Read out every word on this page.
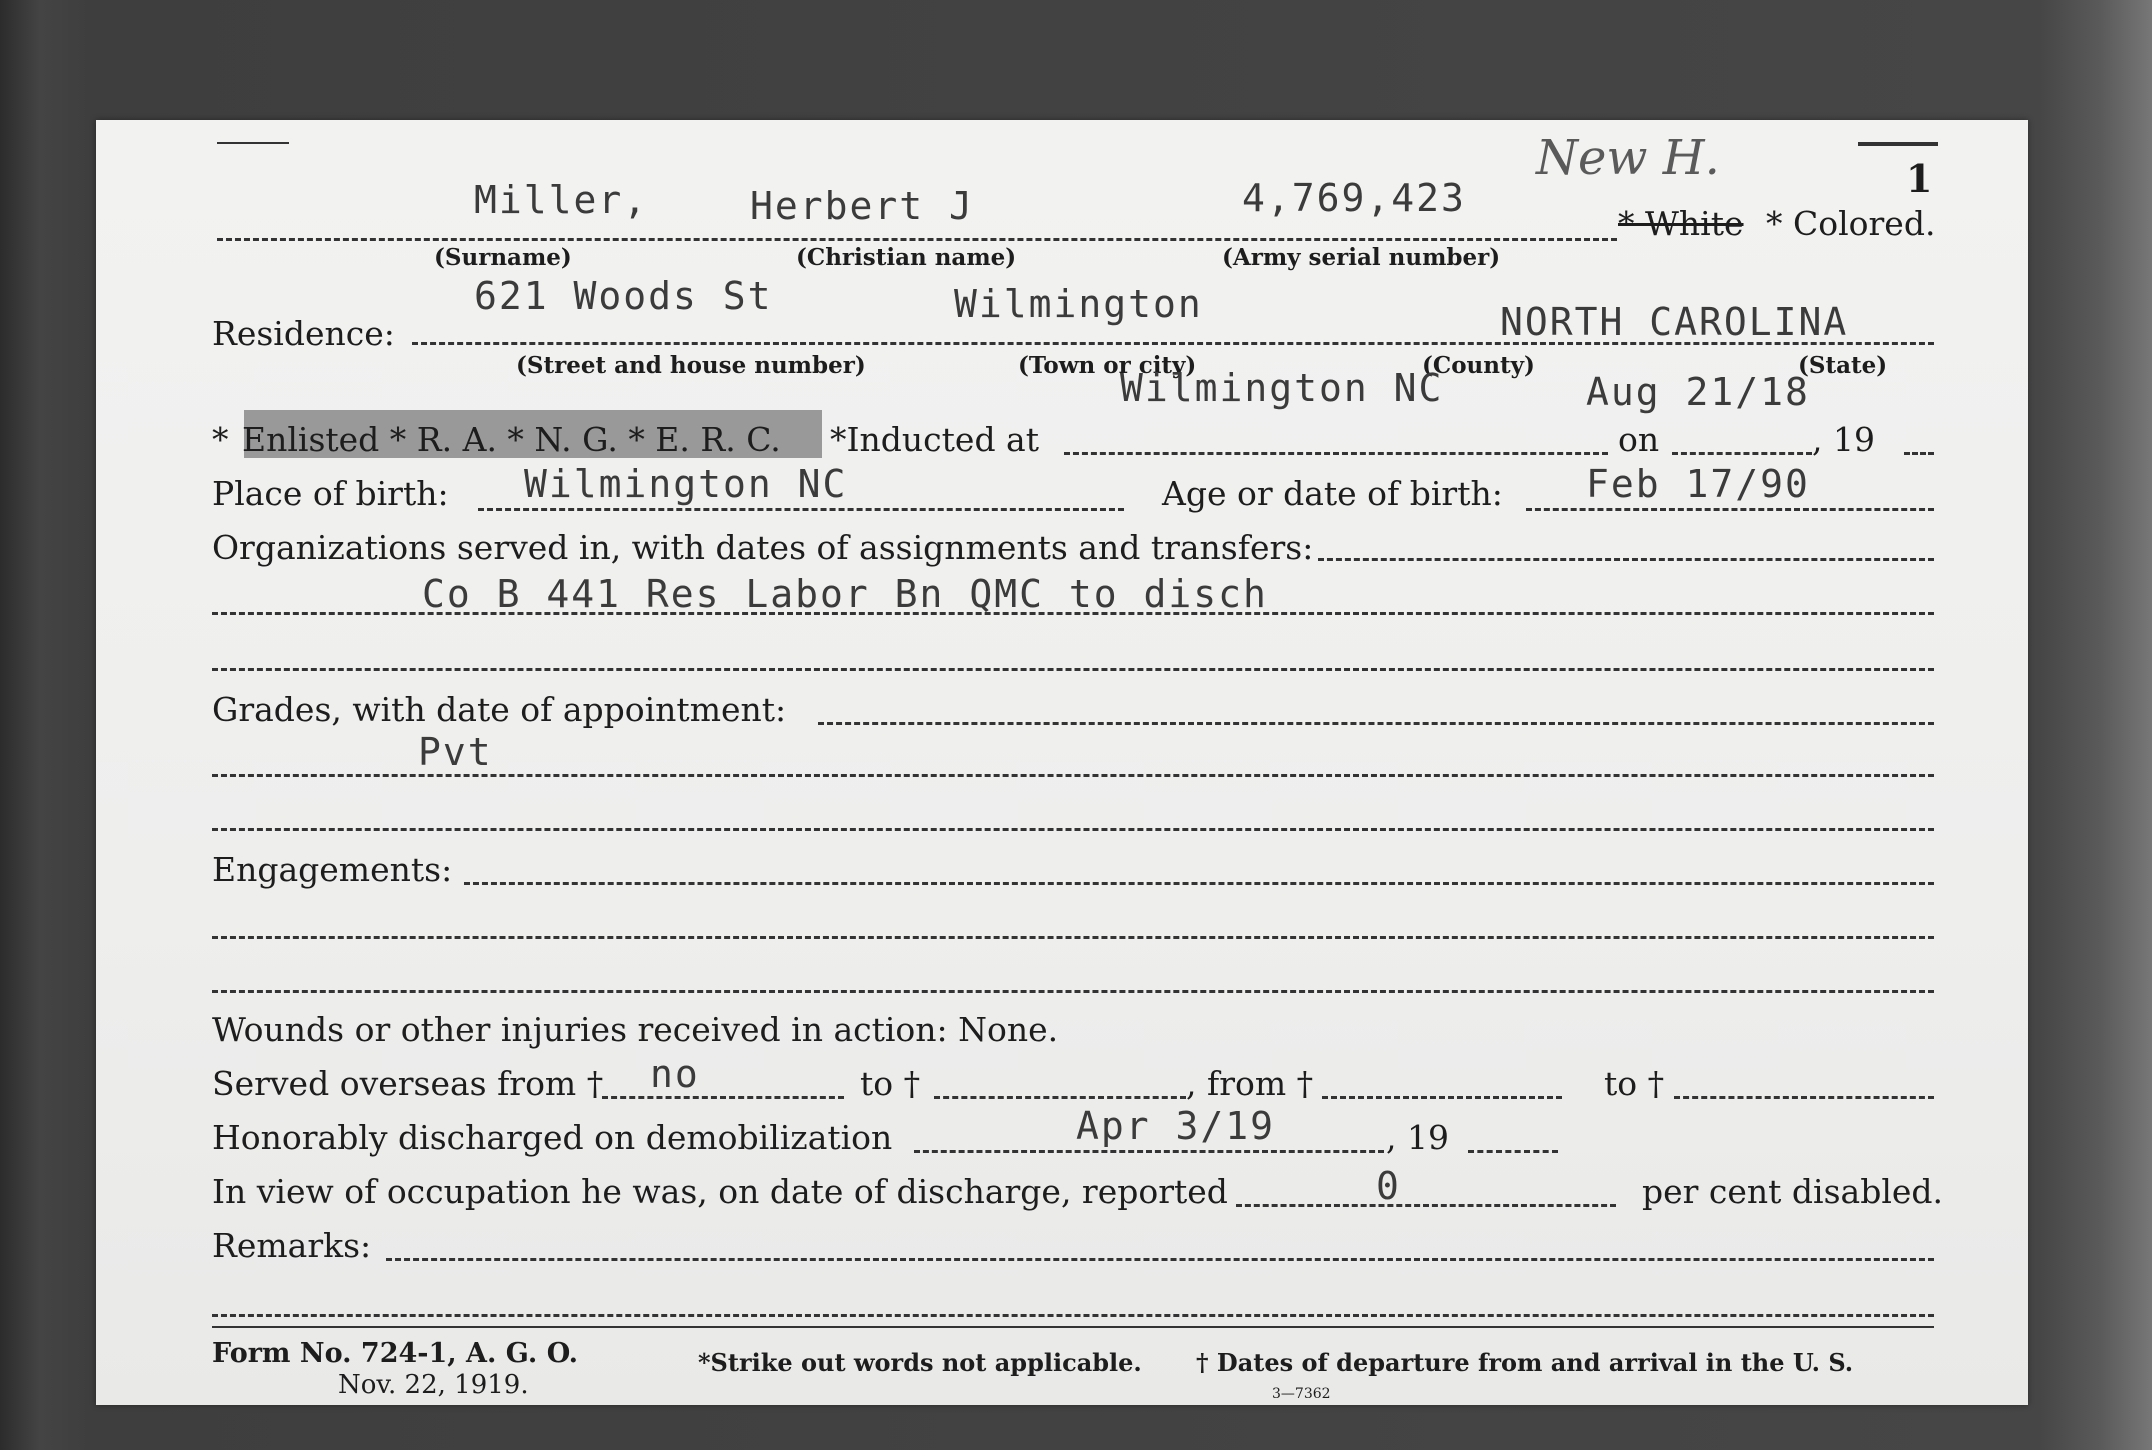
1
New H.
Miller,	Herbert J	4,769,423
* White * Colored.
(Surname)	(Christian name)	(Army serial number)
621 Woods St	Wilmington	NORTH CAROLINA
Residence:
(Street and house number)	(Town or city)	(County)	(State)
Wilmington NC	Aug 21/18
* Enlisted * R. A. * N. G. * E. R. C. *Inducted at	on	, 19
Wilmington NC	Feb 17/90
Place of birth:	Age or date of birth:
Organizations served in, with dates of assignments and transfers:
Co B 441 Res Labor Bn QMC to disch
Grades, with date of appointment:
Pvt
Engagements:
Wounds or other injuries received in action: None.
Served overseas from † no	to †	, from †	to †
Honorably discharged on demobilization	Apr 3/19	, 19
In view of occupation he was, on date of discharge, reported	0	per cent disabled.
Remarks:
Form No. 724-1, A. G. O.
Nov. 22, 1919.
*Strike out words not applicable. † Dates of departure from and arrival in the U. S.
3—7362
